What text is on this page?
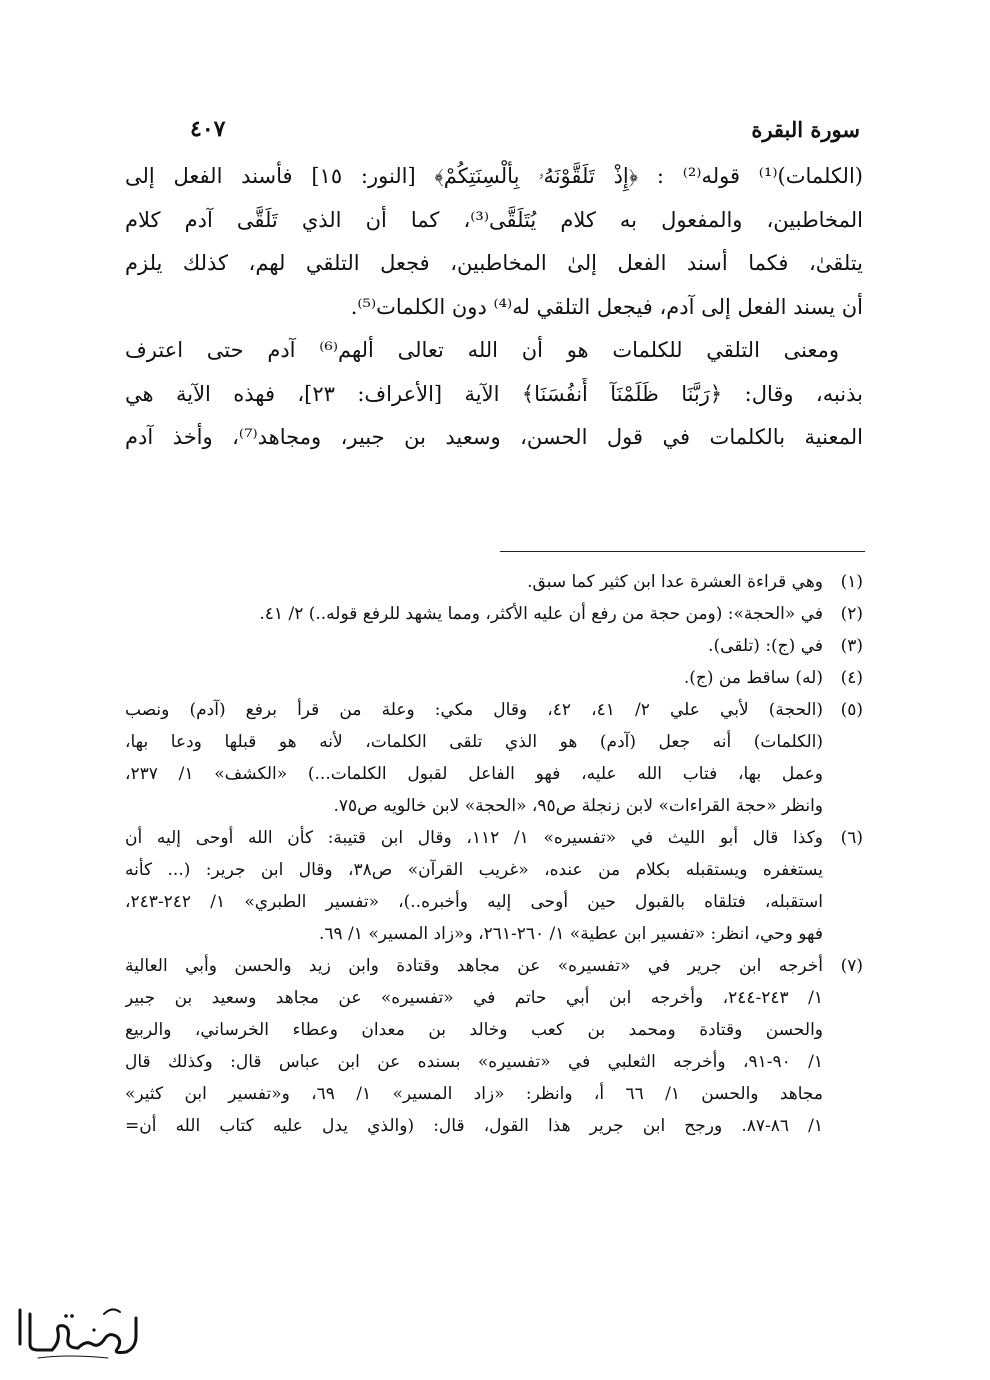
سورة البقرة
٤٠٧

(الكلمات)⁽¹⁾ قوله⁽²⁾ : ﴿إِذْ تَلَقَّوْنَهُۥ بِأَلْسِنَتِكُمْ﴾ [النور: ١٥] فأسند الفعل إلى

المخاطبين، والمفعول به كلام يُتَلَقَّى⁽³⁾، كما أن الذي تَلَقَّى آدم كلام

يتلقىٰ، فكما أسند الفعل إلىٰ المخاطبين، فجعل التلقي لهم، كذلك يلزم

أن يسند الفعل إلى آدم، فيجعل التلقي له⁽⁴⁾ دون الكلمات⁽⁵⁾.

ومعنى التلقي للكلمات هو أن الله تعالى ألهم⁽⁶⁾ آدم حتى اعترف

بذنبه، وقال: ﴿رَبَّنَا ظَلَمْنَآ أَنفُسَنَا﴾ الآية [الأعراف: ٢٣]، فهذه الآية هي

المعنية بالكلمات في قول الحسن، وسعيد بن جبير، ومجاهد⁽⁷⁾، وأخذ آدم

(١)
وهي قراءة العشرة عدا ابن كثير كما سبق.
(٢)
في «الحجة»: (ومن حجة من رفع أن عليه الأكثر، ومما يشهد للرفع قوله..) ٢/ ٤١.
(٣)
في (ج): (تلقى).
(٤)
(له) ساقط من (ج).
(٥)
(الحجة) لأبي علي ٢/ ٤١، ٤٢، وقال مكي: وعلة من قرأ برفع (آدم) ونصب
(الكلمات) أنه جعل (آدم) هو الذي تلقى الكلمات، لأنه هو قبلها ودعا بها،
وعمل بها، فتاب الله عليه، فهو الفاعل لقبول الكلمات...) «الكشف» ١/ ٢٣٧،
وانظر «حجة القراءات» لابن زنجلة ص٩٥، «الحجة» لابن خالويه ص٧٥.
(٦)
وكذا قال أبو الليث في «تفسيره» ١/ ١١٢، وقال ابن قتيبة: كأن الله أوحى إليه أن
يستغفره ويستقبله بكلام من عنده، «غريب القرآن» ص٣٨، وقال ابن جرير: (... كأنه
استقبله، فتلقاه بالقبول حين أوحى إليه وأخبره..)، «تفسير الطبري» ١/ ٢٤٢-٢٤٣،
فهو وحي، انظر: «تفسير ابن عطية» ١/ ٢٦٠-٢٦١، و«زاد المسير» ١/ ٦٩.
(٧)
أخرجه ابن جرير في «تفسيره» عن مجاهد وقتادة وابن زيد والحسن وأبي العالية
١/ ٢٤٣-٢٤٤، وأخرجه ابن أبي حاتم في «تفسيره» عن مجاهد وسعيد بن جبير
والحسن وقتادة ومحمد بن كعب وخالد بن معدان وعطاء الخرساني، والربيع
١/ ٩٠-٩١، وأخرجه الثعلبي في «تفسيره» بسنده عن ابن عباس قال: وكذلك قال
مجاهد والحسن ١/ ٦٦ أ، وانظر: «زاد المسير» ١/ ٦٩، و«تفسير ابن كثير»
١/ ٨٦-٨٧. ورجح ابن جرير هذا القول، قال: (والذي يدل عليه كتاب الله أن=
